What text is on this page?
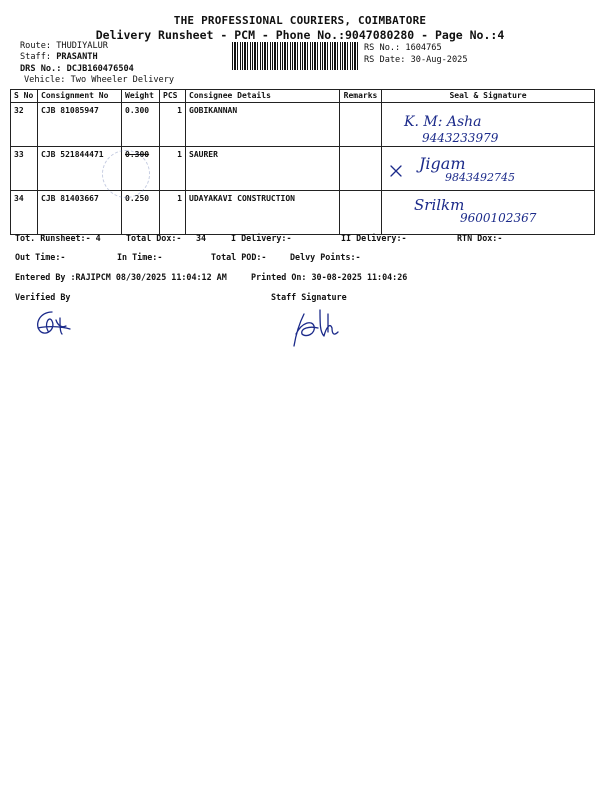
THE PROFESSIONAL COURIERS, COIMBATORE
Delivery Runsheet - PCM - Phone No.:9047080280 - Page No.:4
Route: THUDIYALUR
Staff: PRASANTH
DRS No.: DCJB160476504
Vehicle: Two Wheeler Delivery
RS No.: 1604765
RS Date: 30-Aug-2025
S No	Consignment No	Weight	PCS	Consignee Details	Remarks	Seal & Signature
32	CJB 81085947	0.300	1	GOBIKANNAN		
33	CJB 521844471	0.300	1	SAURER		
34	CJB 81403667	0.250	1	UDAYAKAVI CONSTRUCTION		
K. M: Asha
9443233979
Jigam
9843492745
Srilkm
9600102367
Tot. Runsheet:- 4	Total Dox:- 34	I Delivery:-	II Delivery:-	RTN Dox:-
Out Time:-	In Time:-	Total POD:-	Delvy Points:-
Entered By :RAJIPCM 08/30/2025 11:04:12 AM	Printed On: 30-08-2025 11:04:26
Verified By	Staff Signature
